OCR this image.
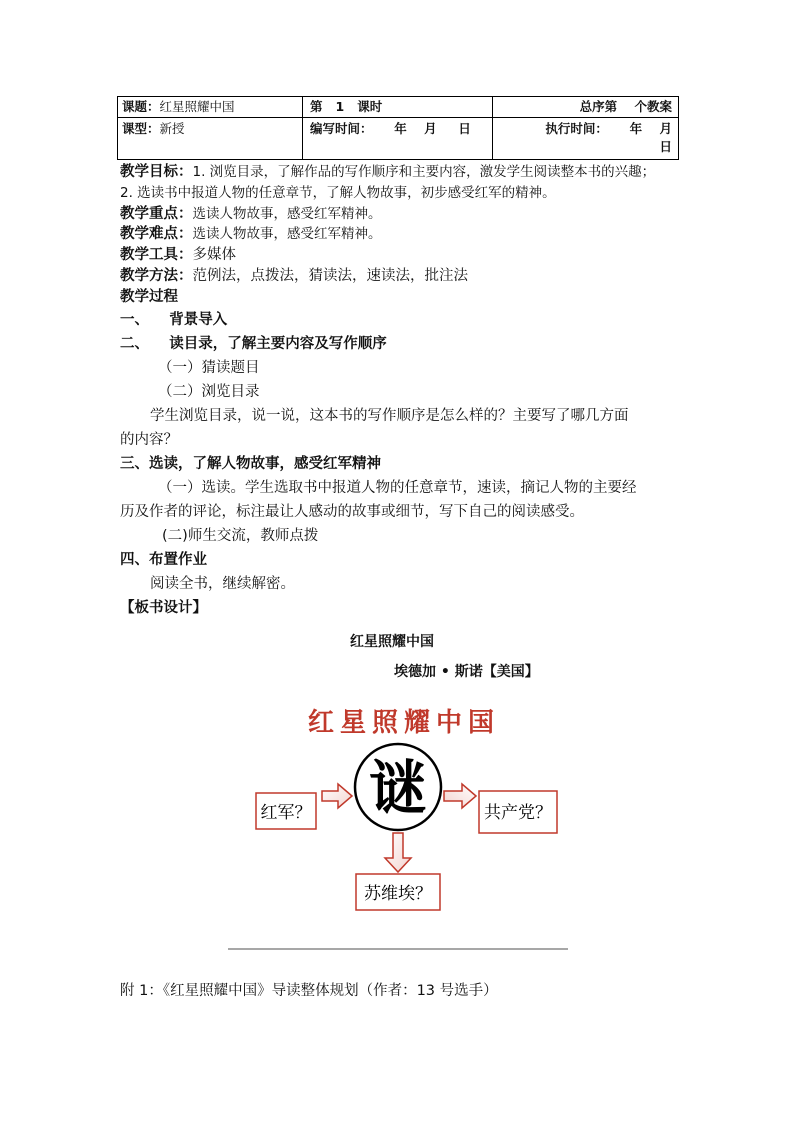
课题：红星照耀中国	第   1   课时	总序第    个教案
课型：新授	编写时间：     年    月     日	执行时间：     年    月
日
教学目标：1. 浏览目录，了解作品的写作顺序和主要内容，激发学生阅读整本书的兴趣；
2. 选读书中报道人物的任意章节，了解人物故事，初步感受红军的精神。
教学重点：选读人物故事，感受红军精神。
教学难点：选读人物故事，感受红军精神。
教学工具：多媒体
教学方法：范例法，点拨法，猜读法，速读法，批注法
教学过程
一、    背景导入
二、    读目录，了解主要内容及写作顺序
（一）猜读题目
（二）浏览目录
学生浏览目录，说一说，这本书的写作顺序是怎么样的？主要写了哪几方面
的内容？
三、选读，了解人物故事，感受红军精神
（一）选读。学生选取书中报道人物的任意章节，速读，摘记人物的主要经
历及作者的评论，标注最让人感动的故事或细节，写下自己的阅读感受。
(二)师生交流，教师点拨
四、布置作业
阅读全书，继续解密。
【板书设计】
红星照耀中国
埃德加 • 斯诺【美国】
红星照耀中国
谜
红军？	共产党？
苏维埃？
附 1：《红星照耀中国》导读整体规划（作者：13 号选手）
